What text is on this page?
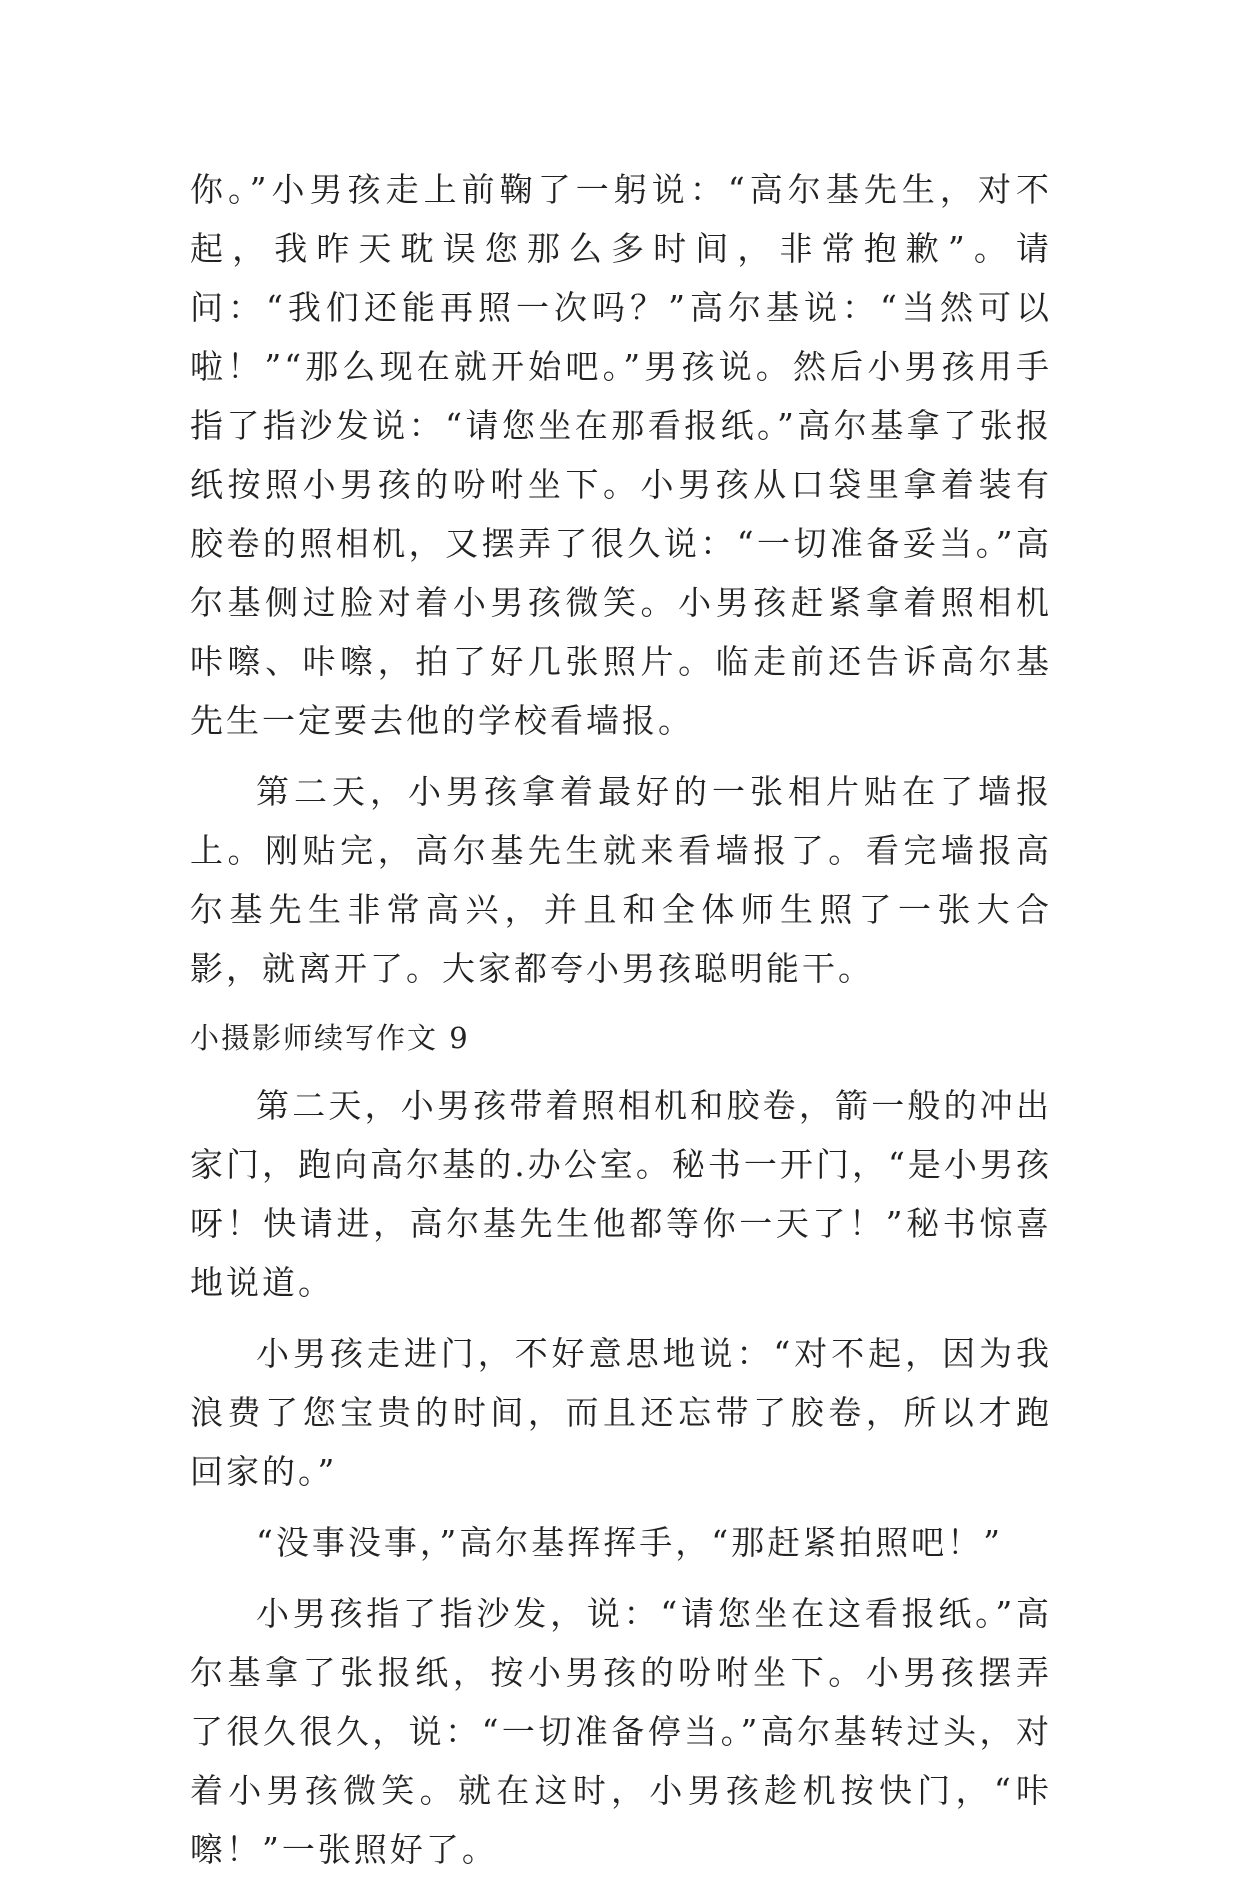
你。”小男孩走上前鞠了一躬说：“高尔基先生，对不起，我昨天耽误您那么多时间，非常抱歉”。请问：“我们还能再照一次吗？”高尔基说：“当然可以啦！”“那么现在就开始吧。”男孩说。然后小男孩用手指了指沙发说：“请您坐在那看报纸。”高尔基拿了张报纸按照小男孩的吩咐坐下。小男孩从口袋里拿着装有胶卷的照相机，又摆弄了很久说：“一切准备妥当。”高尔基侧过脸对着小男孩微笑。小男孩赶紧拿着照相机咔嚓、咔嚓，拍了好几张照片。临走前还告诉高尔基先生一定要去他的学校看墙报。

第二天，小男孩拿着最好的一张相片贴在了墙报上。刚贴完，高尔基先生就来看墙报了。看完墙报高尔基先生非常高兴，并且和全体师生照了一张大合影，就离开了。大家都夸小男孩聪明能干。

小摄影师续写作文 9

第二天，小男孩带着照相机和胶卷，箭一般的冲出家门，跑向高尔基的.办公室。秘书一开门，“是小男孩呀！快请进，高尔基先生他都等你一天了！”秘书惊喜地说道。

小男孩走进门，不好意思地说：“对不起，因为我浪费了您宝贵的时间，而且还忘带了胶卷，所以才跑回家的。”

“没事没事，”高尔基挥挥手，“那赶紧拍照吧！”

小男孩指了指沙发，说：“请您坐在这看报纸。”高尔基拿了张报纸，按小男孩的吩咐坐下。小男孩摆弄了很久很久，说：“一切准备停当。”高尔基转过头，对着小男孩微笑。就在这时，小男孩趁机按快门，“咔嚓！”一张照好了。
